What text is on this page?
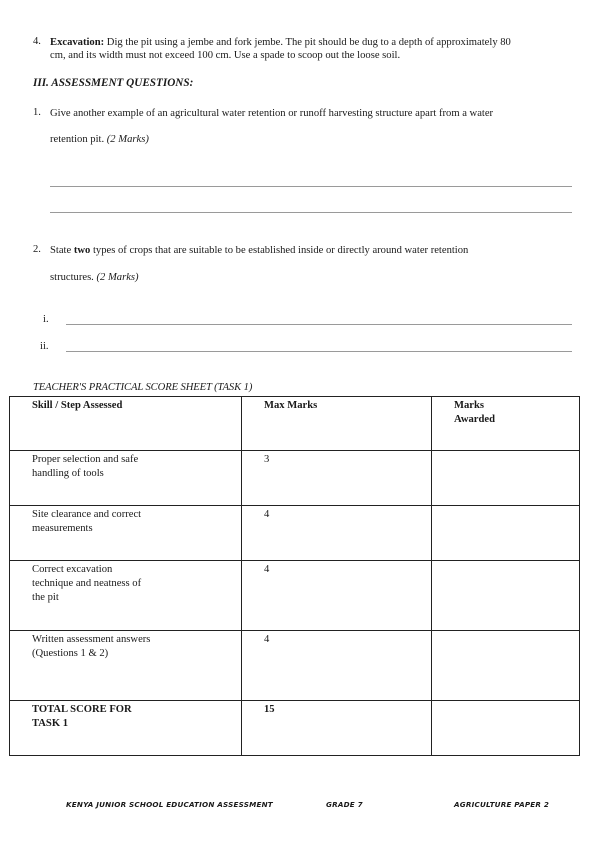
4. Excavation: Dig the pit using a jembe and fork jembe. The pit should be dug to a depth of approximately 80
cm, and its width must not exceed 100 cm. Use a spade to scoop out the loose soil.
III. ASSESSMENT QUESTIONS:
1. Give another example of an agricultural water retention or runoff harvesting structure apart from a water
retention pit. (2 Marks)
2. State two types of crops that are suitable to be established inside or directly around water retention
structures. (2 Marks)
i.
ii.
TEACHER'S PRACTICAL SCORE SHEET (TASK 1)
Skill / Step Assessed	Max Marks	Marks Awarded
Proper selection and safe handling of tools	3	
Site clearance and correct measurements	4	
Correct excavation technique and neatness of the pit	4	
Written assessment answers (Questions 1 & 2)	4	
TOTAL SCORE FOR TASK 1	15	
KENYA JUNIOR SCHOOL EDUCATION ASSESSMENT	GRADE 7	AGRICULTURE PAPER 2
